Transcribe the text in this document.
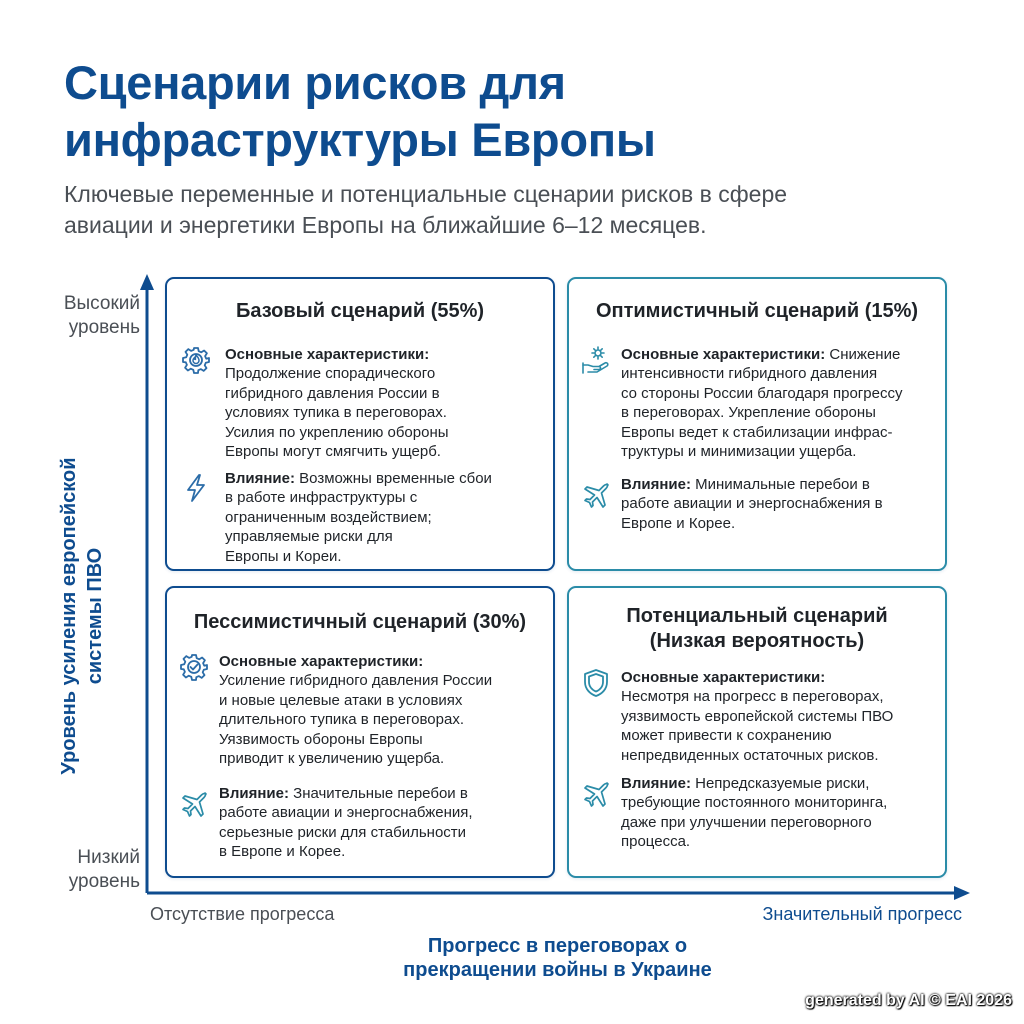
Сценарии рисков для
инфраструктуры Европы
Ключевые переменные и потенциальные сценарии рисков в сфере
авиации и энергетики Европы на ближайшие 6–12 месяцев.
Высокий
уровень
Низкий
уровень
Уровень усиления европейской системы ПВО
Отсутствие прогресса	Значительный прогресс
Прогресс в переговорах о
прекращении войны в Украине
Базовый сценарий (55%)
Основные характеристики:
Продолжение спорадического
гибридного давления России в
условиях тупика в переговорах.
Усилия по укреплению обороны
Европы могут смягчить ущерб.
Влияние: Возможны временные сбои
в работе инфраструктуры с
ограниченным воздействием;
управляемые риски для
Европы и Кореи.
Оптимистичный сценарий (15%)
Основные характеристики: Снижение
интенсивности гибридного давления
со стороны России благодаря прогрессу
в переговорах. Укрепление обороны
Европы ведет к стабилизации инфрас-
труктуры и минимизации ущерба.
Влияние: Минимальные перебои в
работе авиации и энергоснабжения в
Европе и Корее.
Пессимистичный сценарий (30%)
Основные характеристики:
Усиление гибридного давления России
и новые целевые атаки в условиях
длительного тупика в переговорах.
Уязвимость обороны Европы
приводит к увеличению ущерба.
Влияние: Значительные перебои в
работе авиации и энергоснабжения,
серьезные риски для стабильности
в Европе и Корее.
Потенциальный сценарий
(Низкая вероятность)
Основные характеристики:
Несмотря на прогресс в переговорах,
уязвимость европейской системы ПВО
может привести к сохранению
непредвиденных остаточных рисков.
Влияние: Непредсказуемые риски,
требующие постоянного мониторинга,
даже при улучшении переговорного
процесса.
generated by AI © EAI 2026
